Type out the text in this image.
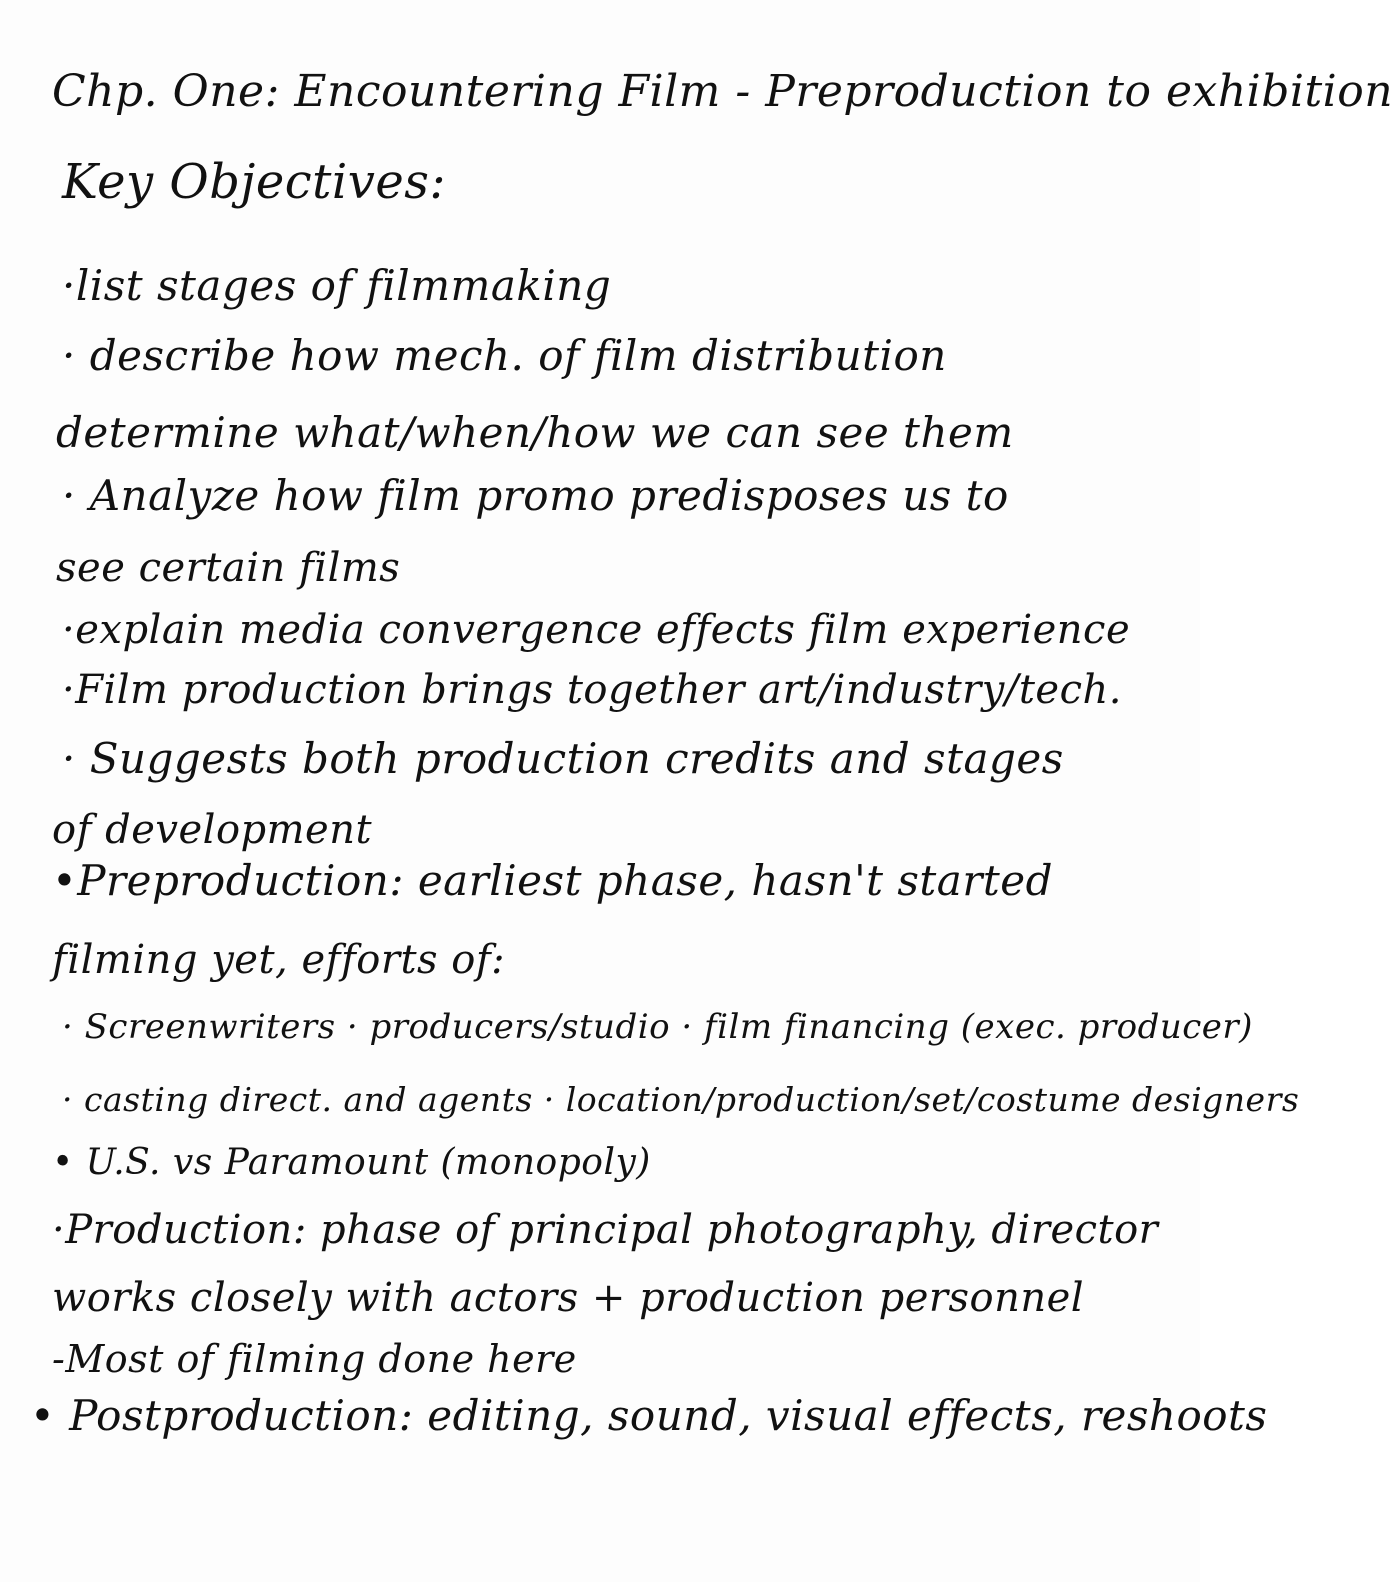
Chp. One: Encountering Film - Preproduction to exhibition
Key Objectives:
·list stages of filmmaking
· describe how mech. of film distribution
determine what/when/how we can see them
· Analyze how film promo predisposes us to
see certain films
·explain media convergence effects film experience
·Film production brings together art/industry/tech.
· Suggests both production credits and stages
of development
•Preproduction: earliest phase, hasn't started
filming yet, efforts of:
· Screenwriters · producers/studio · film financing (exec. producer)
· casting direct. and agents · location/production/set/costume designers
• U.S. vs Paramount (monopoly)
·Production: phase of principal photography, director
works closely with actors + production personnel
-Most of filming done here
• Postproduction: editing, sound, visual effects, reshoots
